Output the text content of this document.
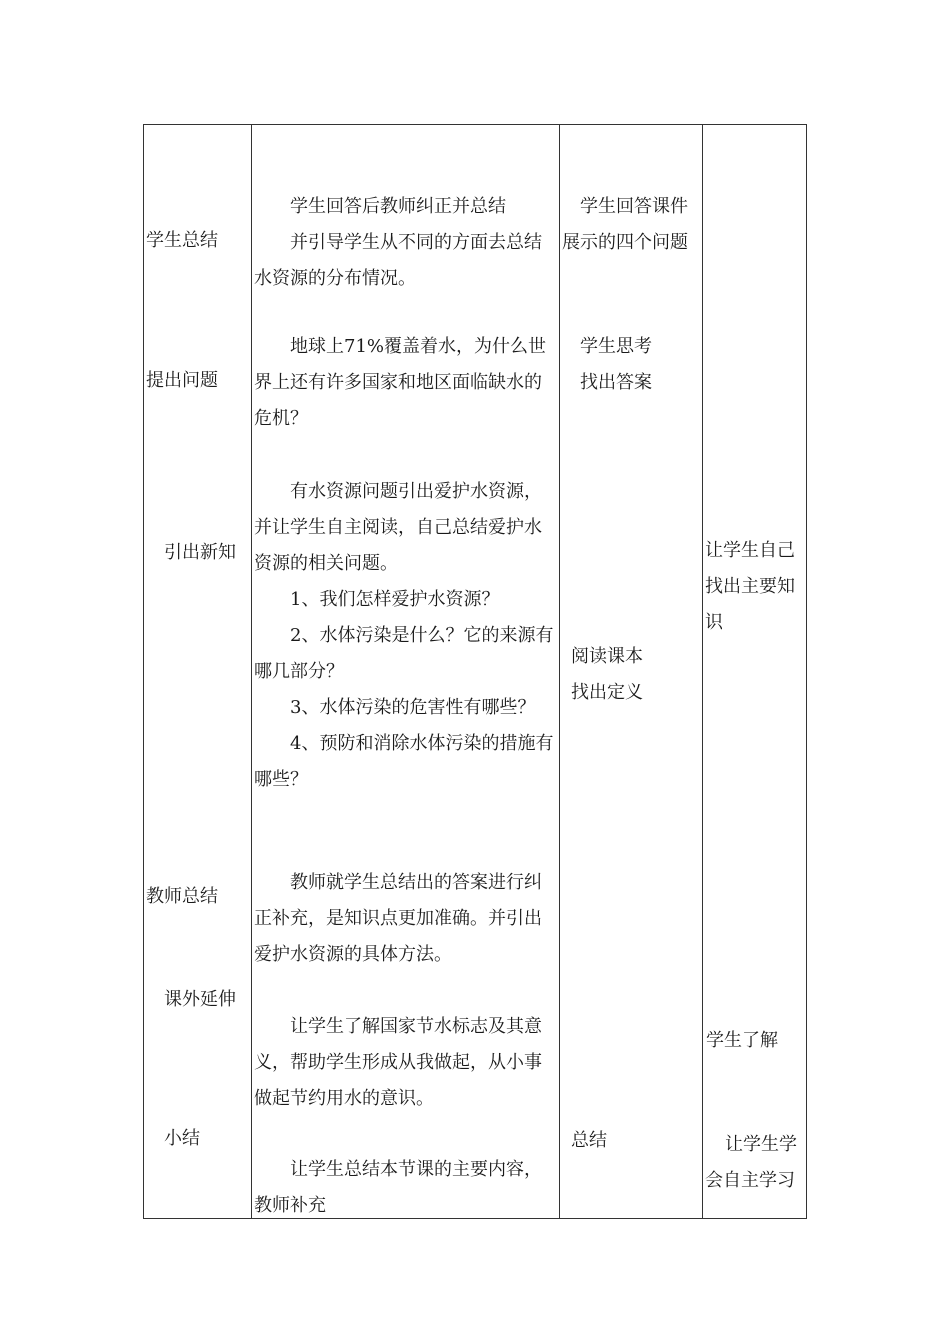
学生总结
学生回答后教师纠正并总结
并引导学生从不同的方面去总结
水资源的分布情况。
学生回答课件
展示的四个问题
提出问题
地球上71%覆盖着水，为什么世
界上还有许多国家和地区面临缺水的
危机？
学生思考
找出答案
引出新知
有水资源问题引出爱护水资源，
并让学生自主阅读，自己总结爱护水
资源的相关问题。
1、我们怎样爱护水资源？
2、水体污染是什么？它的来源有
哪几部分？
3、水体污染的危害性有哪些？
4、预防和消除水体污染的措施有
哪些？
阅读课本
找出定义
让学生自己
找出主要知
识
教师总结
教师就学生总结出的答案进行纠
正补充，是知识点更加准确。并引出
爱护水资源的具体方法。
课外延伸
让学生了解国家节水标志及其意
义，帮助学生形成从我做起，从小事
做起节约用水的意识。
学生了解
小结
让学生总结本节课的主要内容，
教师补充
总结	让学生学
会自主学习
